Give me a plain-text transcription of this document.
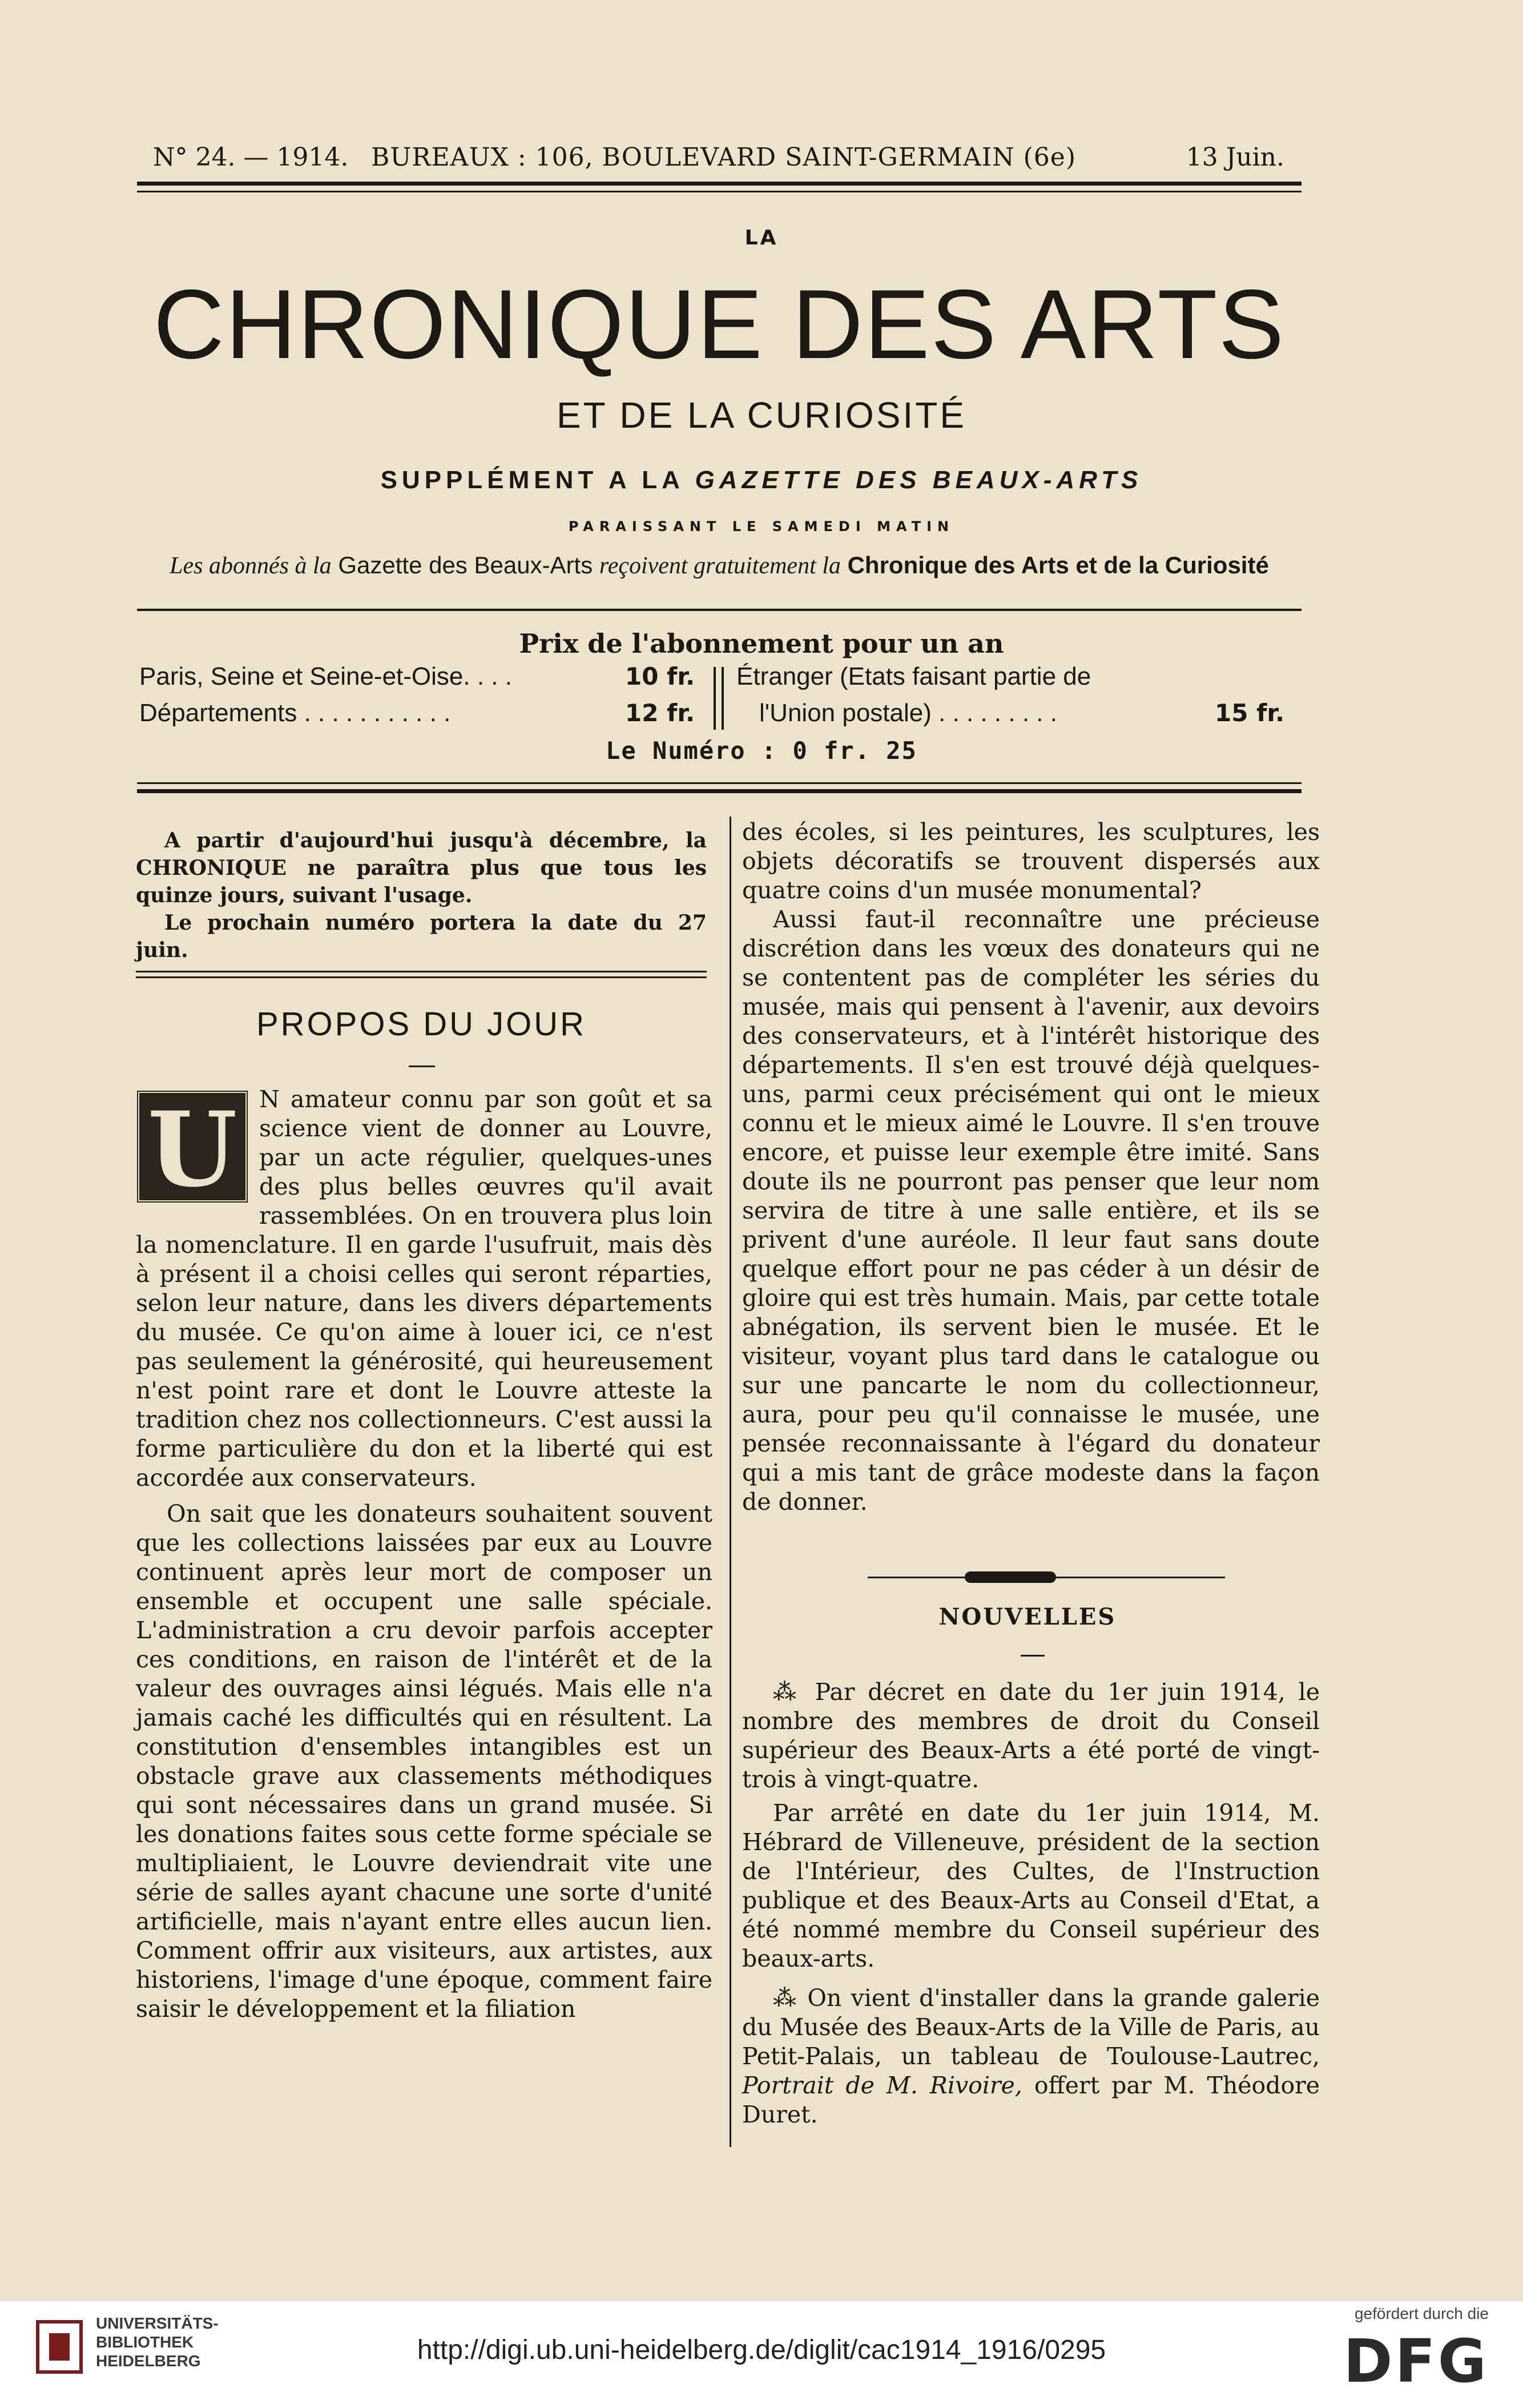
N° 24. — 1914. BUREAUX : 106, BOULEVARD SAINT-GERMAIN (6e)	13 Juin.
LA
CHRONIQUE DES ARTS
ET DE LA CURIOSITÉ
SUPPLÉMENT A LA GAZETTE DES BEAUX-ARTS
PARAISSANT LE SAMEDI MATIN
Les abonnés à la Gazette des Beaux-Arts reçoivent gratuitement la Chronique des Arts et de la Curiosité
Prix de l'abonnement pour un an
Paris, Seine et Seine-et-Oise. . . .	10 fr.
Départements . . . . . . . . . . .	12 fr.
Étranger (Etats faisant partie de
l'Union postale) . . . . . . . . .	15 fr.
Le Numéro : 0 fr. 25

A partir d'aujourd'hui jusqu'à décembre, la CHRONIQUE ne paraîtra plus que tous les quinze jours, suivant l'usage.

Le prochain numéro portera la date du 27 juin.

PROPOS DU JOUR

U N amateur connu par son goût et sa science vient de donner au Louvre, par un acte régulier, quelques-unes des plus belles œuvres qu'il avait rassemblées. On en trouvera plus loin la nomenclature. Il en garde l'usufruit, mais dès à présent il a choisi celles qui seront réparties, selon leur nature, dans les divers départements du musée. Ce qu'on aime à louer ici, ce n'est pas seulement la générosité, qui heureusement n'est point rare et dont le Louvre atteste la tradition chez nos collectionneurs. C'est aussi la forme particulière du don et la liberté qui est accordée aux conservateurs.

On sait que les donateurs souhaitent souvent que les collections laissées par eux au Louvre continuent après leur mort de composer un ensemble et occupent une salle spéciale. L'administration a cru devoir parfois accepter ces conditions, en raison de l'intérêt et de la valeur des ouvrages ainsi légués. Mais elle n'a jamais caché les difficultés qui en résultent. La constitution d'ensembles intangibles est un obstacle grave aux classements méthodiques qui sont nécessaires dans un grand musée. Si les donations faites sous cette forme spéciale se multipliaient, le Louvre deviendrait vite une série de salles ayant chacune une sorte d'unité artificielle, mais n'ayant entre elles aucun lien. Comment offrir aux visiteurs, aux artistes, aux historiens, l'image d'une époque, comment faire saisir le développement et la filiation

des écoles, si les peintures, les sculptures, les objets décoratifs se trouvent dispersés aux quatre coins d'un musée monumental?

Aussi faut-il reconnaître une précieuse discrétion dans les vœux des donateurs qui ne se contentent pas de compléter les séries du musée, mais qui pensent à l'avenir, aux devoirs des conservateurs, et à l'intérêt historique des départements. Il s'en est trouvé déjà quelques-uns, parmi ceux précisément qui ont le mieux connu et le mieux aimé le Louvre. Il s'en trouve encore, et puisse leur exemple être imité. Sans doute ils ne pourront pas penser que leur nom servira de titre à une salle entière, et ils se privent d'une auréole. Il leur faut sans doute quelque effort pour ne pas céder à un désir de gloire qui est très humain. Mais, par cette totale abnégation, ils servent bien le musée. Et le visiteur, voyant plus tard dans le catalogue ou sur une pancarte le nom du collectionneur, aura, pour peu qu'il connaisse le musée, une pensée reconnaissante à l'égard du donateur qui a mis tant de grâce modeste dans la façon de donner.

NOUVELLES

⁂ Par décret en date du 1er juin 1914, le nombre des membres de droit du Conseil supérieur des Beaux-Arts a été porté de vingt-trois à vingt-quatre.

Par arrêté en date du 1er juin 1914, M. Hébrard de Villeneuve, président de la section de l'Intérieur, des Cultes, de l'Instruction publique et des Beaux-Arts au Conseil d'Etat, a été nommé membre du Conseil supérieur des beaux-arts.

⁂ On vient d'installer dans la grande galerie du Musée des Beaux-Arts de la Ville de Paris, au Petit-Palais, un tableau de Toulouse-Lautrec, Portrait de M. Rivoire, offert par M. Théodore Duret.

UNIVERSITÄTS-
BIBLIOTHEK
HEIDELBERG	http://digi.ub.uni-heidelberg.de/diglit/cac1914_1916/0295
gefördert durch die
DFG
